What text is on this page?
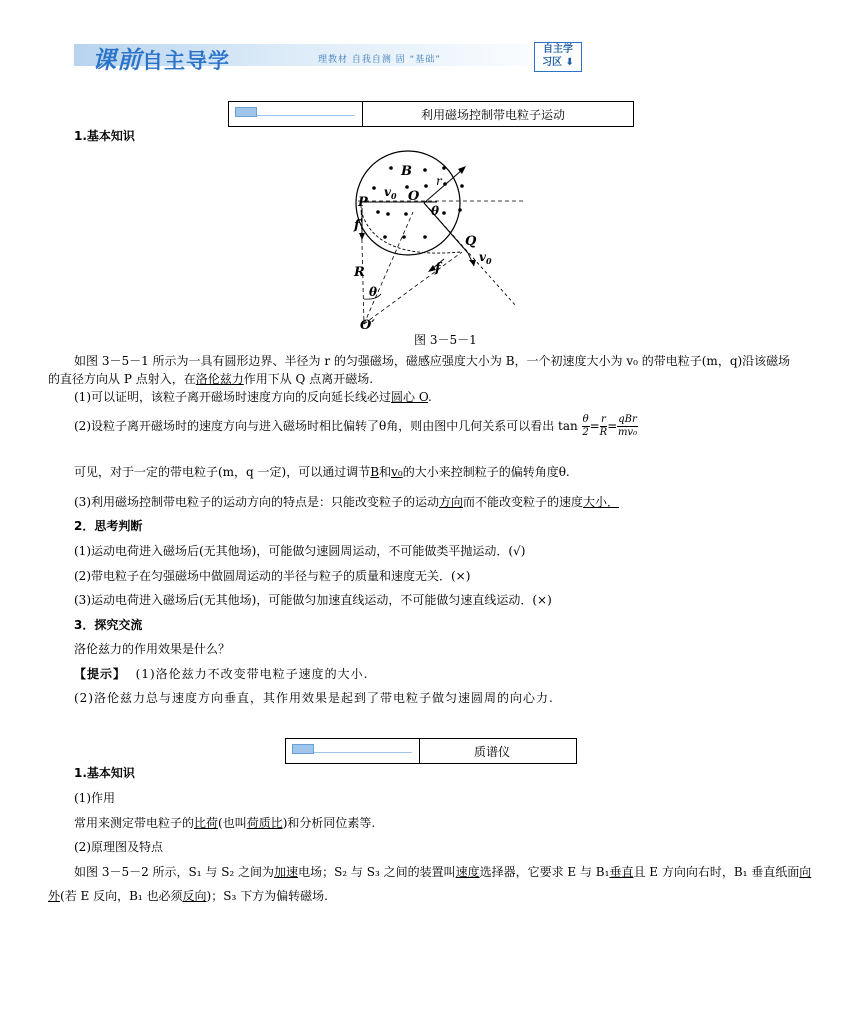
课前自主导学	理教材 自我自测 固 “基础”
自主学
习区 ⬇
利用磁场控制带电粒子运动
1.基本知识
B
r
$v_0$ O
P
θ
f
Q
$v_0$
f
R
θ
O′
图 3－5－1
如图 3－5－1 所示为一具有圆形边界、半径为 r 的匀强磁场，磁感应强度大小为 B，一个初速度大小为 v₀ 的带电粒子(m，q)沿该磁场
的直径方向从 P 点射入，在洛伦兹力作用下从 Q 点离开磁场.
(1)可以证明，该粒子离开磁场时速度方向的反向延长线必过圆心 O.
(2)设粒子离开磁场时的速度方向与进入磁场时相比偏转了θ角，则由图中几何关系可以看出 $\tan \frac{\theta}{2} = \frac{r}{R} = \frac{\text{qBr}}{\text{mv₀}}$
可见，对于一定的带电粒子(m，q 一定)，可以通过调节B和v₀的大小来控制粒子的偏转角度θ.
(3)利用磁场控制带电粒子的运动方向的特点是：只能改变粒子的运动方向而不能改变粒子的速度大小．
2．思考判断
(1)运动电荷进入磁场后(无其他场)，可能做匀速圆周运动，不可能做类平抛运动．(√)
(2)带电粒子在匀强磁场中做圆周运动的半径与粒子的质量和速度无关．(×)
(3)运动电荷进入磁场后(无其他场)，可能做匀加速直线运动，不可能做匀速直线运动．(×)
3．探究交流
洛伦兹力的作用效果是什么？
【提示】 (1)洛伦兹力不改变带电粒子速度的大小.
(2)洛伦兹力总与速度方向垂直，其作用效果是起到了带电粒子做匀速圆周的向心力.
质谱仪
1.基本知识
(1)作用
常用来测定带电粒子的比荷(也叫荷质比)和分析同位素等.
(2)原理图及特点
如图 3－5－2 所示，S₁ 与 S₂ 之间为加速电场；S₂ 与 S₃ 之间的装置叫速度选择器，它要求 E 与 B₁垂直且 E 方向向右时，B₁ 垂直纸面向
外(若 E 反向，B₁ 也必须反向)；S₃ 下方为偏转磁场.
